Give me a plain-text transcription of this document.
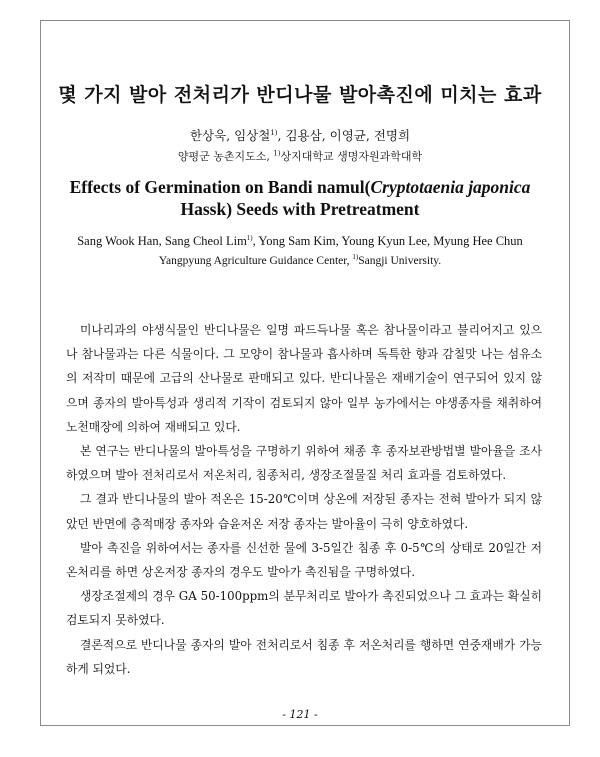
몇 가지 발아 전처리가 반디나물 발아촉진에 미치는 효과
한상욱, 임상철$^{1)}$, 김용삼, 이영균, 전명희
양평군 농촌지도소, $^{1)}$상지대학교 생명자원과학대학
Effects of Germination on Bandi namul(Cryptotaenia japonica
Hassk) Seeds with Pretreatment
Sang Wook Han, Sang Cheol Lim$^{1)}$, Yong Sam Kim, Young Kyun Lee, Myung Hee Chun
Yangpyung Agriculture Guidance Center, $^{1)}$Sangji University.

미나리과의 야생식물인 반디나물은 일명 파드득나물 혹은 참나물이라고 불리어지고 있으나 참나물과는 다른 식물이다. 그 모양이 참나물과 흡사하며 독특한 향과 감칠맛 나는 섬유소의 저작미 때문에 고급의 산나물로 판매되고 있다. 반디나물은 재배기술이 연구되어 있지 않으며 종자의 발아특성과 생리적 기작이 검토되지 않아 일부 농가에서는 야생종자를 채취하여 노천매장에 의하여 재배되고 있다.

본 연구는 반디나물의 발아특성을 구명하기 위하여 채종 후 종자보관방법별 발아율을 조사하였으며 발아 전처리로서 저온처리, 침종처리, 생장조절물질 처리 효과를 검토하였다.

그 결과 반디나물의 발아 적온은 15-20℃이며 상온에 저장된 종자는 전혀 발아가 되지 않았던 반면에 층적매장 종자와 습윤저온 저장 종자는 발아율이 극히 양호하였다.

발아 촉진을 위하여서는 종자를 신선한 물에 3-5일간 침종 후 0-5℃의 상태로 20일간 저온처리를 하면 상온저장 종자의 경우도 발아가 촉진됨을 구명하였다.

생장조절제의 경우 GA 50-100ppm의 분무처리로 발아가 촉진되었으나 그 효과는 확실히 검토되지 못하였다.

결론적으로 반디나물 종자의 발아 전처리로서 침종 후 저온처리를 행하면 연중재배가 가능하게 되었다.

- 121 -
